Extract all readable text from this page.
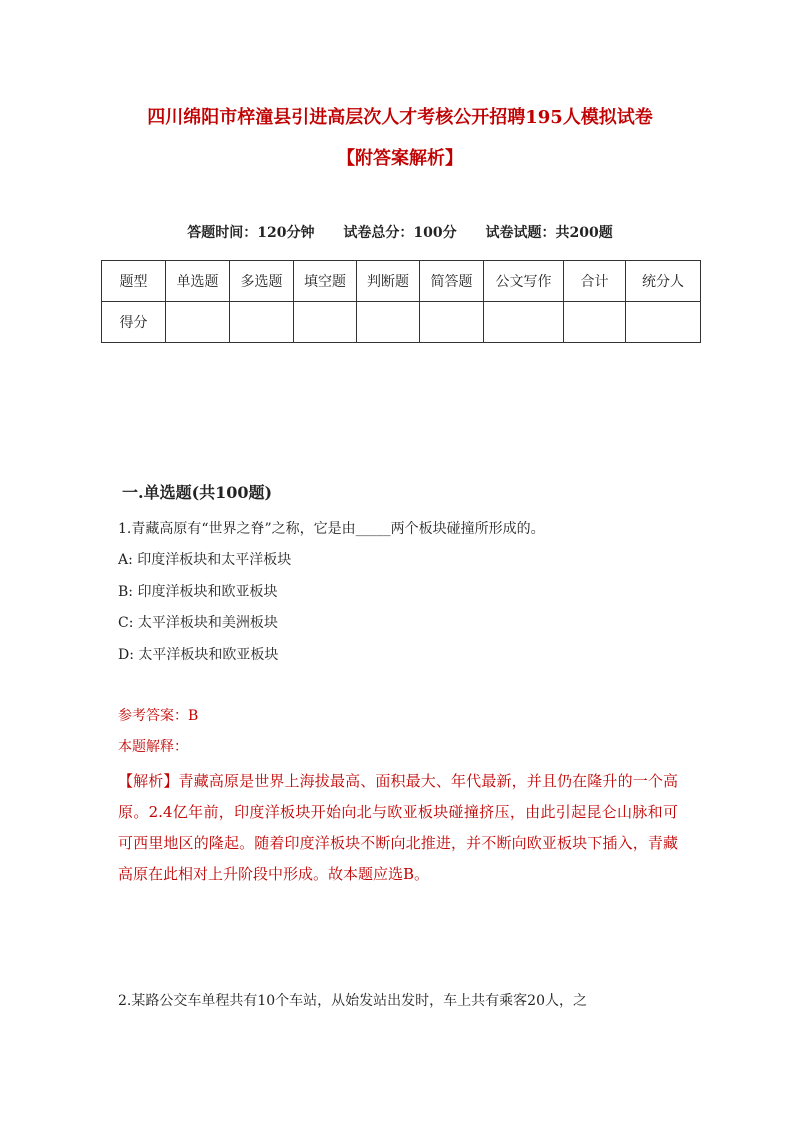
四川绵阳市梓潼县引进高层次人才考核公开招聘195人模拟试卷
【附答案解析】
答题时间：120分钟 试卷总分：100分 试卷试题：共200题
题型	单选题	多选题	填空题	判断题	简答题	公文写作	合计	统分人
得分								
一.单选题(共100题)
1.青藏高原有“世界之脊”之称，它是由_____两个板块碰撞所形成的。
A: 印度洋板块和太平洋板块
B: 印度洋板块和欧亚板块
C: 太平洋板块和美洲板块
D: 太平洋板块和欧亚板块
参考答案：B
本题解释：
【解析】青藏高原是世界上海拔最高、面积最大、年代最新，并且仍在隆升的一个高原。2.4亿年前，印度洋板块开始向北与欧亚板块碰撞挤压，由此引起昆仑山脉和可可西里地区的隆起。随着印度洋板块不断向北推进，并不断向欧亚板块下插入，青藏高原在此相对上升阶段中形成。故本题应选B。
2.某路公交车单程共有10个车站，从始发站出发时，车上共有乘客20人，之
